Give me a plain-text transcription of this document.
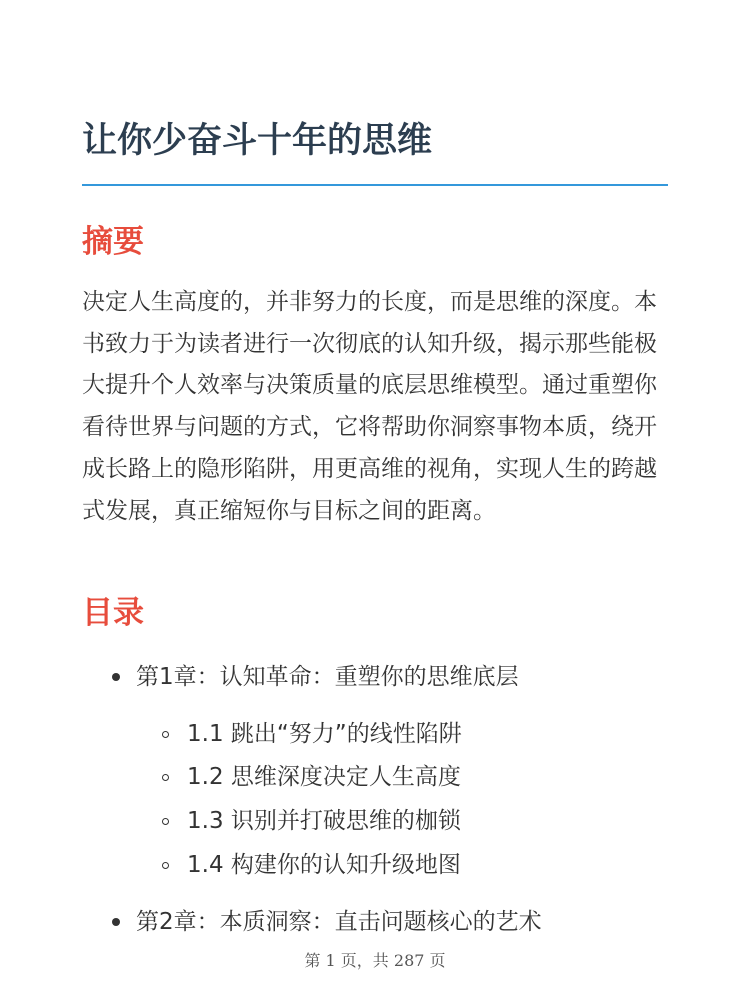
让你少奋斗十年的思维
摘要

决定人生高度的，并非努力的长度，而是思维的深度。本书致力于为读者进行一次彻底的认知升级，揭示那些能极大提升个人效率与决策质量的底层思维模型。通过重塑你看待世界与问题的方式，它将帮助你洞察事物本质，绕开成长路上的隐形陷阱，用更高维的视角，实现人生的跨越式发展，真正缩短你与目标之间的距离。

目录
第1章：认知革命：重塑你的思维底层
1.1 跳出“努力”的线性陷阱
1.2 思维深度决定人生高度
1.3 识别并打破思维的枷锁
1.4 构建你的认知升级地图
第2章：本质洞察：直击问题核心的艺术
第 1 页，共 287 页
